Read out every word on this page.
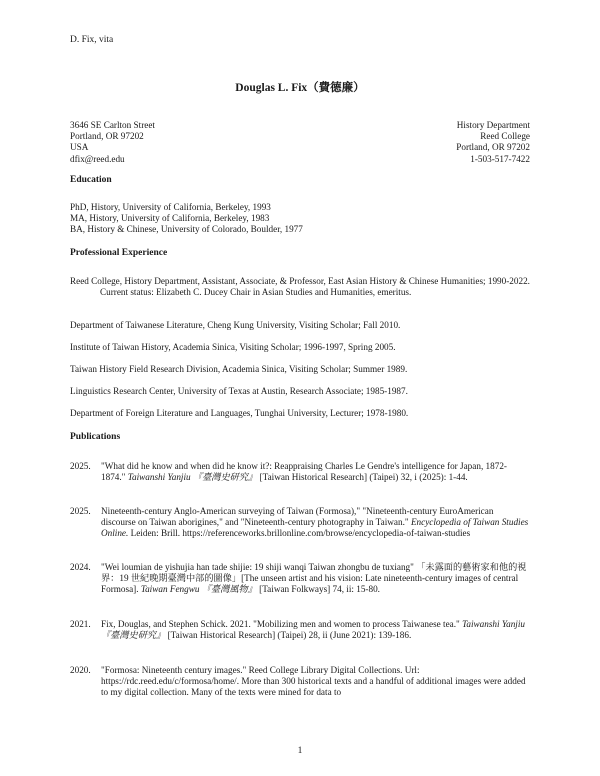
D. Fix, vita
Douglas L. Fix（費德廉）
3646 SE Carlton Street
Portland, OR 97202
USA
dfix@reed.edu
History Department
Reed College
Portland, OR 97202
1-503-517-7422
Education
PhD, History, University of California, Berkeley, 1993
MA, History, University of California, Berkeley, 1983
BA, History & Chinese, University of Colorado, Boulder, 1977
Professional Experience
Reed College, History Department, Assistant, Associate, & Professor, East Asian History & Chinese Humanities; 1990-2022. Current status: Elizabeth C. Ducey Chair in Asian Studies and Humanities, emeritus.
Department of Taiwanese Literature, Cheng Kung University, Visiting Scholar; Fall 2010.
Institute of Taiwan History, Academia Sinica, Visiting Scholar; 1996-1997, Spring 2005.
Taiwan History Field Research Division, Academia Sinica, Visiting Scholar; Summer 1989.
Linguistics Research Center, University of Texas at Austin, Research Associate; 1985-1987.
Department of Foreign Literature and Languages, Tunghai University, Lecturer; 1978-1980.
Publications
2025. "What did he know and when did he know it?: Reappraising Charles Le Gendre's intelligence for Japan, 1872-1874." Taiwanshi Yanjiu 『臺灣史研究』 [Taiwan Historical Research] (Taipei) 32, i (2025): 1-44.
2025. Nineteenth-century Anglo-American surveying of Taiwan (Formosa)," "Nineteenth-century EuroAmerican discourse on Taiwan aborigines," and "Nineteenth-century photography in Taiwan." Encyclopedia of Taiwan Studies Online. Leiden: Brill. https://referenceworks.brillonline.com/browse/encyclopedia-of-taiwan-studies
2024. "Wei loumian de yishujia han tade shijie: 19 shiji wanqi Taiwan zhongbu de tuxiang" 「未露面的藝術家和他的視界：19 世紀晚期臺灣中部的圖像」[The unseen artist and his vision: Late nineteenth-century images of central Formosa]. Taiwan Fengwu 『臺灣風物』 [Taiwan Folkways] 74, ii: 15-80.
2021. Fix, Douglas, and Stephen Schick. 2021. "Mobilizing men and women to process Taiwanese tea." Taiwanshi Yanjiu 『臺灣史研究』 [Taiwan Historical Research] (Taipei) 28, ii (June 2021): 139-186.
2020. "Formosa: Nineteenth century images." Reed College Library Digital Collections. Url: https://rdc.reed.edu/c/formosa/home/. More than 300 historical texts and a handful of additional images were added to my digital collection. Many of the texts were mined for data to
1
